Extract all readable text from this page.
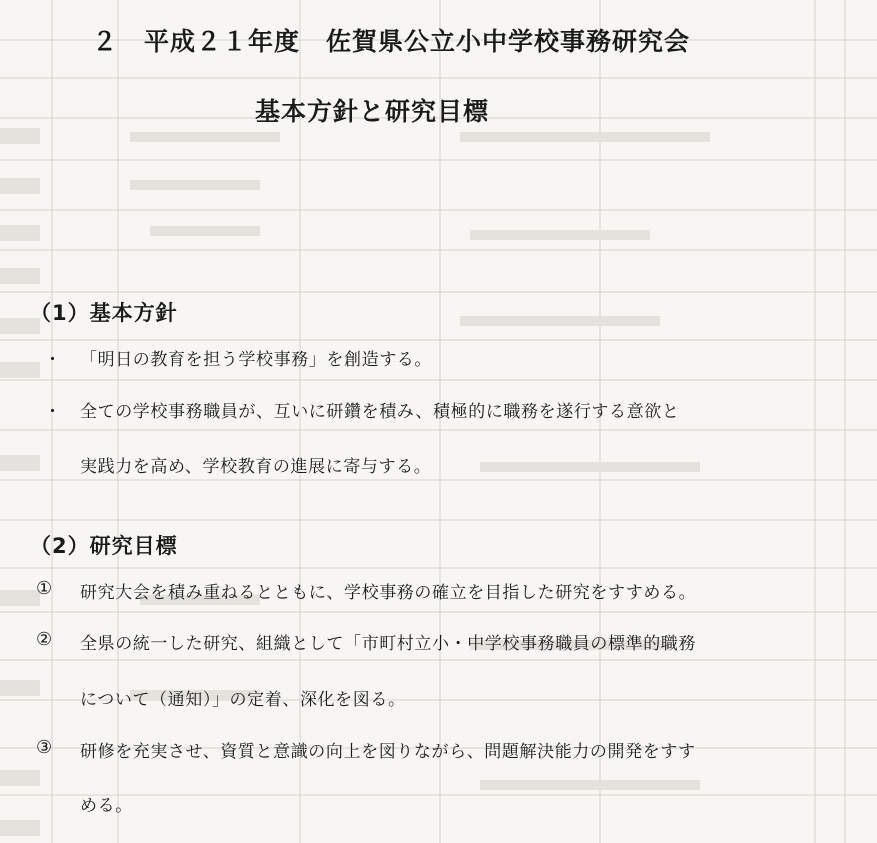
２　平成２１年度　佐賀県公立小中学校事務研究会
基本方針と研究目標
（1）基本方針
・ 「明日の教育を担う学校事務」を創造する。
・ 全ての学校事務職員が、互いに研鑽を積み、積極的に職務を遂行する意欲と
実践力を高め、学校教育の進展に寄与する。
（2）研究目標
① 研究大会を積み重ねるとともに、学校事務の確立を目指した研究をすすめる。
② 全県の統一した研究、組織として「市町村立小・中学校事務職員の標準的職務
について（通知）」の定着、深化を図る。
③ 研修を充実させ、資質と意識の向上を図りながら、問題解決能力の開発をすす
める。
